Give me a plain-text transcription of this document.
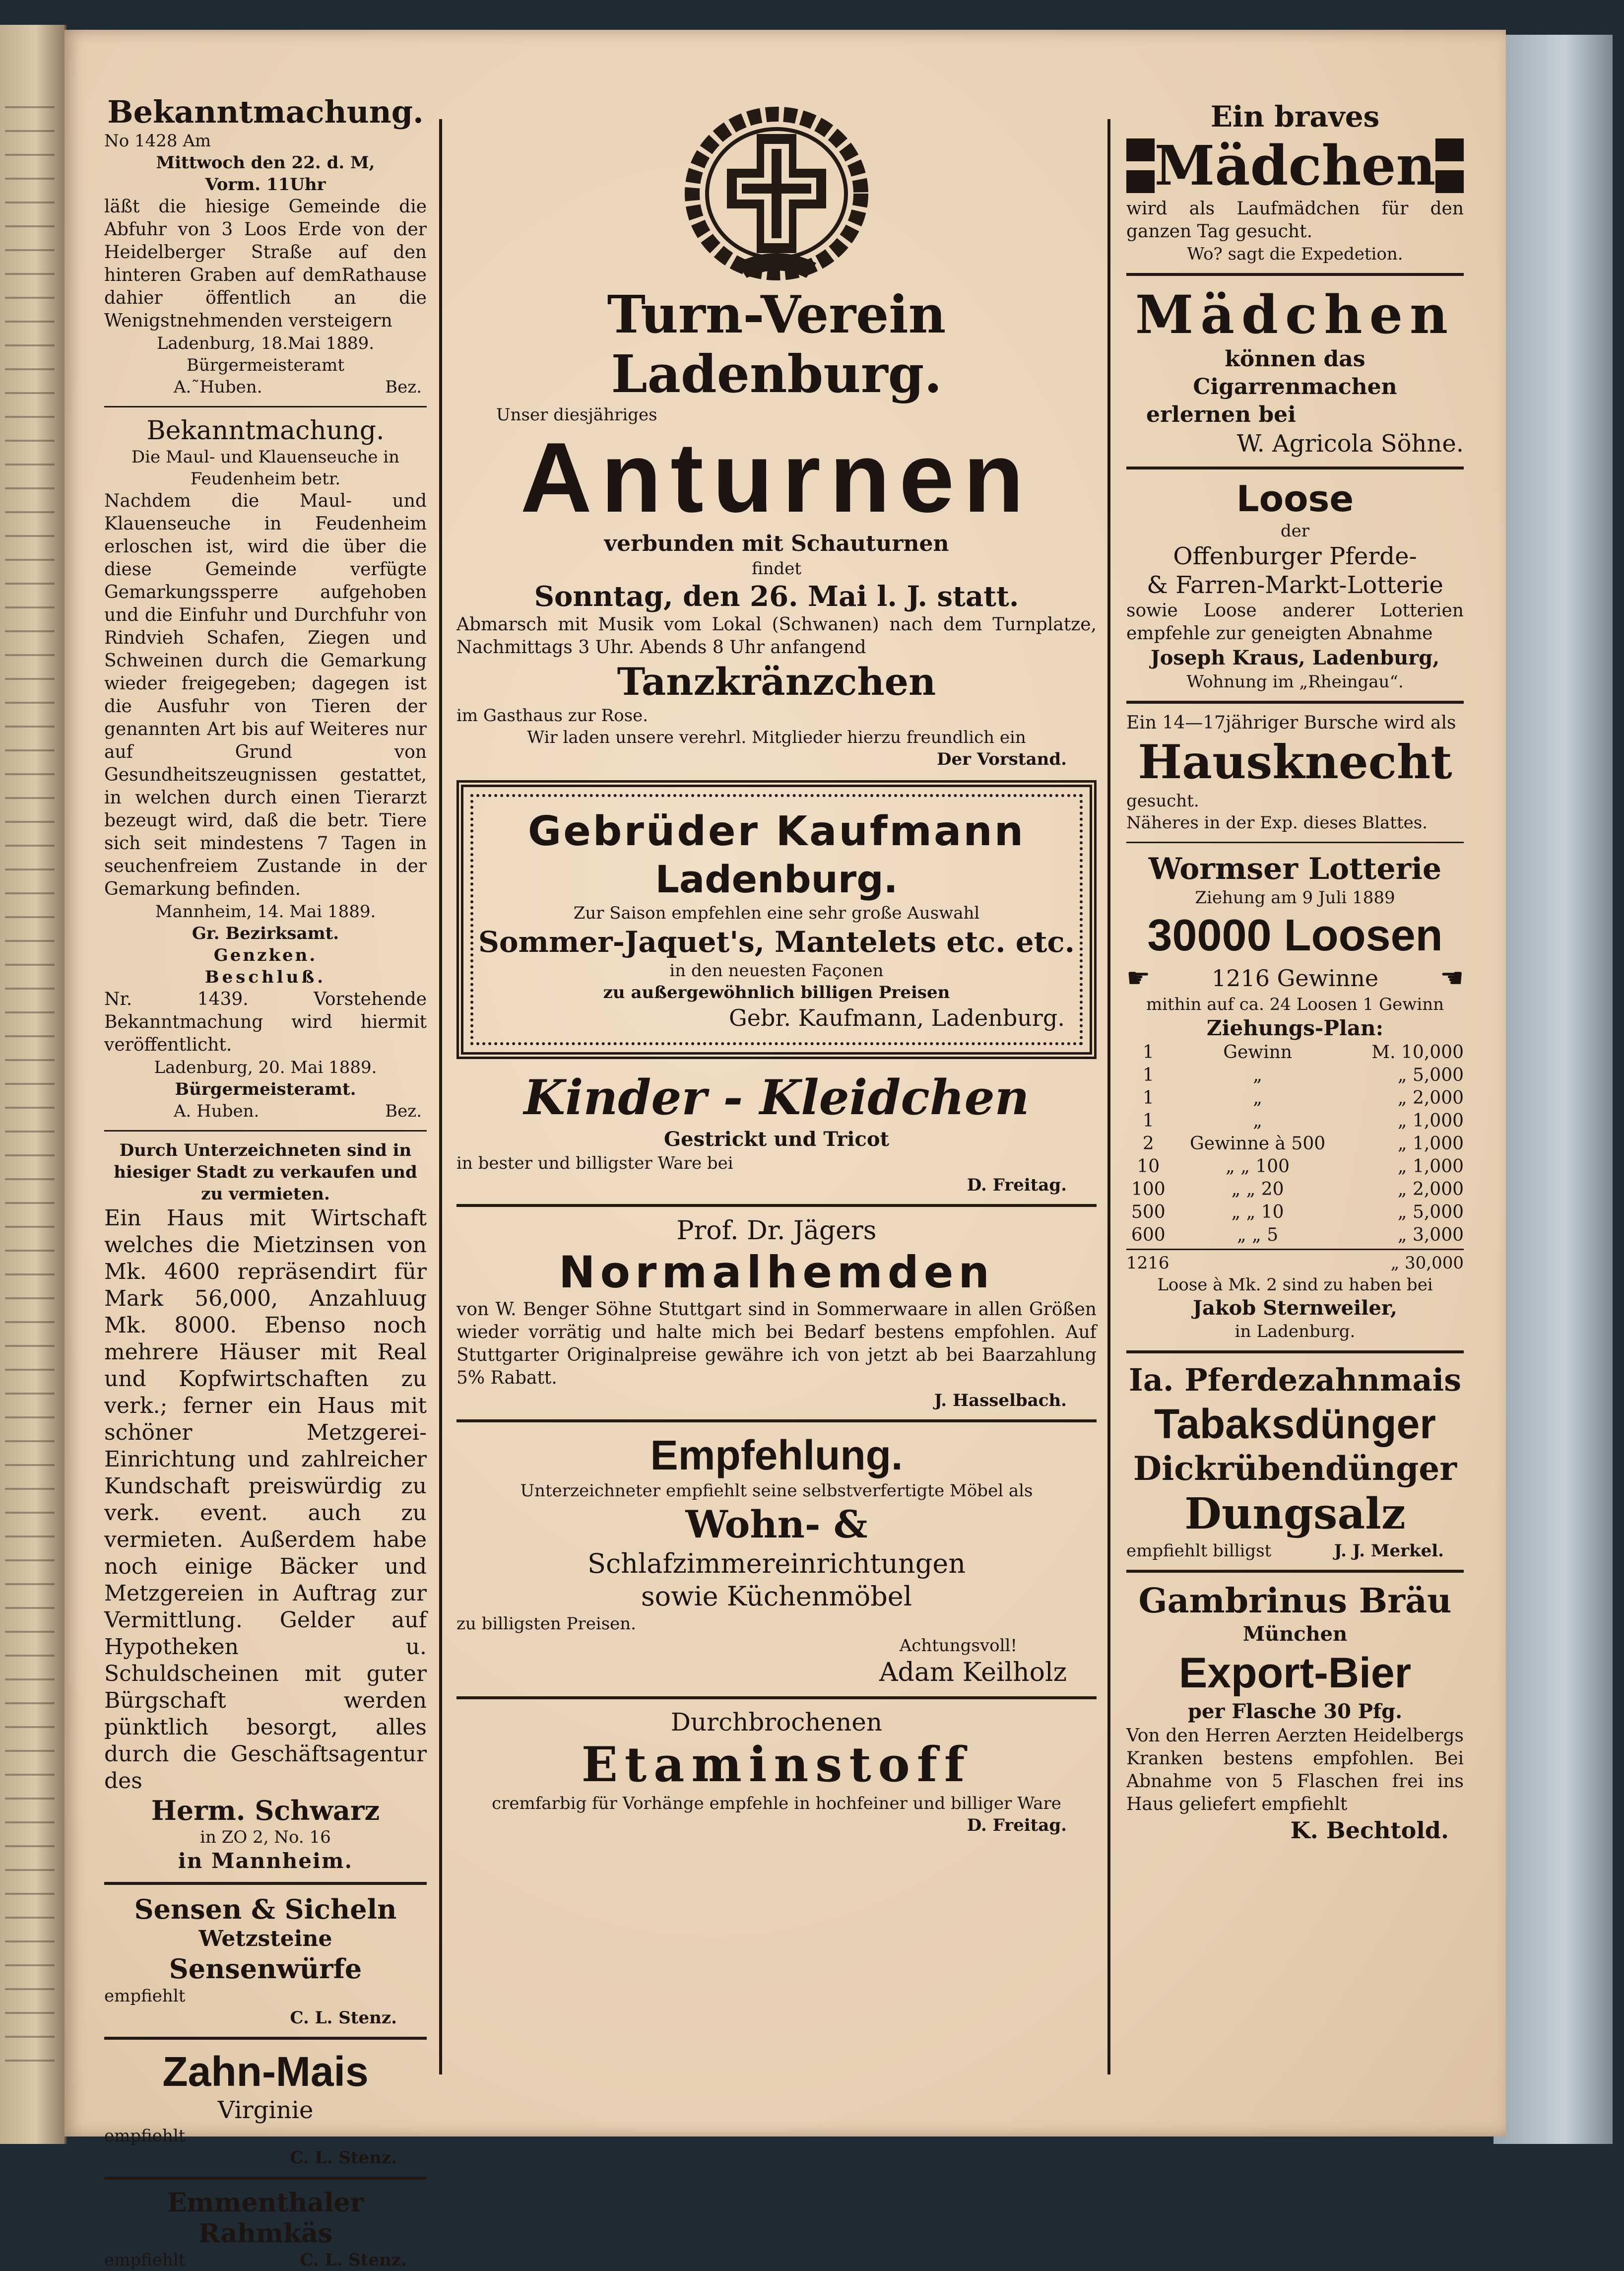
Bekanntmachung.
No 1428 Am
Mittwoch den 22. d. M,
Vorm. 11Uhr
läßt die hiesige Gemeinde die Abfuhr von 3 Loos Erde von der Heidelberger Straße auf den hinteren Graben auf demRathause dahier öffentlich an die Wenigstnehmenden versteigern
Ladenburg, 18.Mai 1889.
Bürgermeisteramt
A.˜Huben.	Bez.
Bekanntmachung.
Die Maul- und Klauenseuche in Feudenheim betr.
Nachdem die Maul- und Klauenseuche in Feudenheim erloschen ist, wird die über die diese Gemeinde verfügte Gemarkungssperre aufgehoben und die Einfuhr und Durchfuhr von Rindvieh Schafen, Ziegen und Schweinen durch die Gemarkung wieder freigegeben; dagegen ist die Ausfuhr von Tieren der genannten Art bis auf Weiteres nur auf Grund von Gesundheitszeugnissen gestattet, in welchen durch einen Tierarzt bezeugt wird, daß die betr. Tiere sich seit mindestens 7 Tagen in seuchenfreiem Zustande in der Gemarkung befinden.
Mannheim, 14. Mai 1889.
Gr. Bezirksamt.
Genzken.
Beschluß.
Nr. 1439. Vorstehende Bekanntmachung wird hiermit veröffentlicht.
Ladenburg, 20. Mai 1889.
Bürgermeisteramt.
A. Huben.	Bez.
Durch Unterzeichneten sind in hiesiger Stadt zu verkaufen und zu vermieten.
Ein Haus mit Wirtschaft welches die Mietzinsen von Mk. 4600 repräsendirt für Mark 56,000, Anzahluug Mk. 8000. Ebenso noch mehrere Häuser mit Real und Kopfwirtschaften zu verk.; ferner ein Haus mit schöner Metzgerei-Einrichtung und zahlreicher Kundschaft preiswürdig zu verk. event. auch zu vermieten. Außerdem habe noch einige Bäcker und Metzgereien in Auftrag zur Vermittlung. Gelder auf Hypotheken u. Schuldscheinen mit guter Bürgschaft werden pünktlich besorgt, alles durch die Geschäftsagentur des
Herm. Schwarz
in ZO 2, No. 16
in Mannheim.
Sensen & Sicheln
Wetzsteine
Sensenwürfe
empfiehlt
C. L. Stenz.
Zahn-Mais
Virginie
empfiehlt
C. L. Stenz.
Emmenthaler Rahmkäs
empfiehlt	C. L. Stenz.
Turn-Verein Ladenburg.
Unser diesjähriges
Anturnen
verbunden mit Schauturnen
findet
Sonntag, den 26. Mai l. J. statt.
Abmarsch mit Musik vom Lokal (Schwanen) nach dem Turnplatze, Nachmittags 3 Uhr. Abends 8 Uhr anfangend
Tanzkränzchen
im Gasthaus zur Rose.
Wir laden unsere verehrl. Mitglieder hierzu freundlich ein
Der Vorstand.
Gebrüder Kaufmann
Ladenburg.
Zur Saison empfehlen eine sehr große Auswahl
Sommer-Jaquet's, Mantelets etc. etc.
in den neuesten Façonen
zu außergewöhnlich billigen Preisen
Gebr. Kaufmann, Ladenburg.
Kinder - Kleidchen
Gestrickt und Tricot
in bester und billigster Ware bei
D. Freitag.
Prof. Dr. Jägers
Normalhemden
von W. Benger Söhne Stuttgart sind in Sommerwaare in allen Größen wieder vorrätig und halte mich bei Bedarf bestens empfohlen. Auf Stuttgarter Originalpreise gewähre ich von jetzt ab bei Baarzahlung 5% Rabatt.
J. Hasselbach.
Empfehlung.
Unterzeichneter empfiehlt seine selbstverfertigte Möbel als
Wohn- &
Schlafzimmereinrichtungen
sowie Küchenmöbel
zu billigsten Preisen.
Achtungsvoll!
Adam Keilholz
Durchbrochenen
Etaminstoff
cremfarbig für Vorhänge empfehle in hochfeiner und billiger Ware
D. Freitag.
Ein braves
Mädchen
wird als Laufmädchen für den ganzen Tag gesucht.
Wo? sagt die Expedetion.
Mädchen
können das Cigarrenmachen
erlernen bei
W. Agricola Söhne.
Loose
der
Offenburger Pferde-
& Farren-Markt-Lotterie
sowie Loose anderer Lotterien empfehle zur geneigten Abnahme
Joseph Kraus, Ladenburg,
Wohnung im „Rheingau“.
Ein 14—17jähriger Bursche wird als
Hausknecht
gesucht.
Näheres in der Exp. dieses Blattes.
Wormser Lotterie
Ziehung am 9 Juli 1889
30000 Loosen
☛	1216 Gewinne ☛
mithin auf ca. 24 Loosen 1 Gewinn
Ziehungs-Plan:
1	Gewinn	M. 10,000
1	„	„ 5,000
1	„	„ 2,000
1	„	„ 1,000
2	Gewinne à 500	„ 1,000
10	„ „ 100	„ 1,000
100	„ „ 20	„ 2,000
500	„ „ 10	„ 5,000
600	„ „ 5	„ 3,000
1216	„ 30,000
Loose à Mk. 2 sind zu haben bei
Jakob Sternweiler,
in Ladenburg.
Ia. Pferdezahnmais
Tabaksdünger
Dickrübendünger
Dungsalz
empfiehlt billigst	J. J. Merkel.
Gambrinus Bräu
München
Export-Bier
per Flasche 30 Pfg.
Von den Herren Aerzten Heidelbergs Kranken bestens empfohlen. Bei Abnahme von 5 Flaschen frei ins Haus geliefert empfiehlt
K. Bechtold.
